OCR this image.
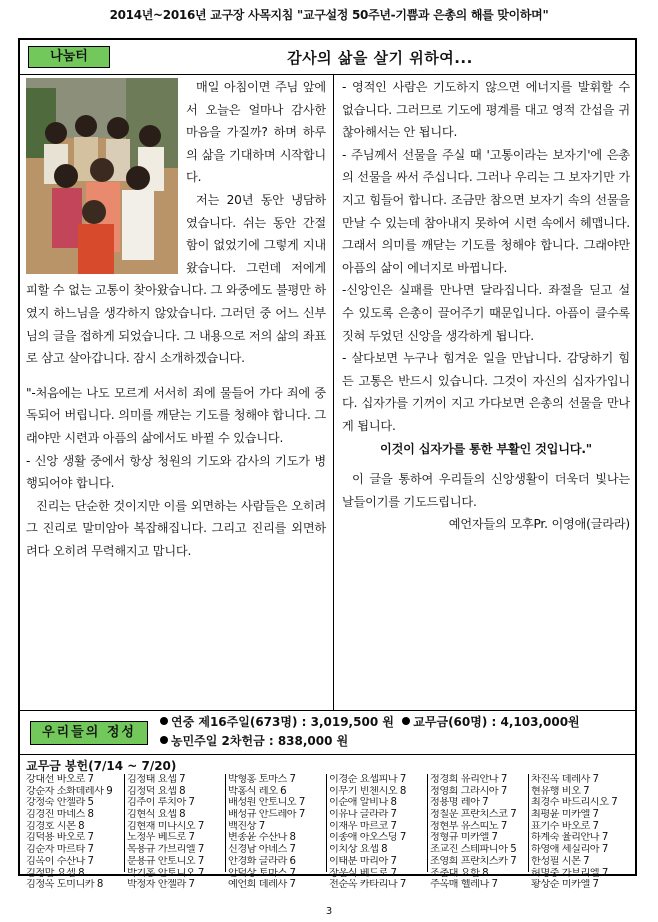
2014년~2016년 교구장 사목지침 "교구설정 50주년-기쁨과 은총의 해를 맞이하며"
나눔터	감사의 삶을 살기 위하여...

매일 아침이면 주님 앞에서 오늘은 얼마나 감사한 마음을 가질까? 하며 하루의 삶을 기대하며 시작합니다.

저는 20년 동안 냉담하였습니다. 쉬는 동안 간절함이 없었기에 그렇게 지내왔습니다. 그런데 저에게 피할 수 없는 고통이 찾아왔습니다. 그 와중에도 불평만 하였지 하느님을 생각하지 않았습니다. 그러던 중 어느 신부님의 글을 접하게 되었습니다. 그 내용으로 저의 삶의 좌표로 삼고 살아갑니다. 잠시 소개하겠습니다.

"-처음에는 나도 모르게 서서히 죄에 물들어 가다 죄에 중독되어 버립니다. 의미를 깨닫는 기도를 청해야 합니다. 그래야만 시련과 아픔의 삶에서도 바뀔 수 있습니다.

- 신앙 생활 중에서 항상 청원의 기도와 감사의 기도가 병행되어야 합니다.

진리는 단순한 것이지만 이를 외면하는 사람들은 오히려 그 진리로 말미암아 복잡해집니다. 그리고 진리를 외면하려다 오히려 무력해지고 맙니다.

- 영적인 사람은 기도하지 않으면 에너지를 발휘할 수 없습니다. 그러므로 기도에 평계를 대고 영적 간섭을 귀찮아해서는 안 됩니다.

- 주님께서 선물을 주실 때 '고통이라는 보자기'에 은총의 선물을 싸서 주십니다. 그러나 우리는 그 보자기만 가지고 힘들어 합니다. 조금만 참으면 보자기 속의 선물을 만날 수 있는데 참아내지 못하여 시련 속에서 헤맵니다. 그래서 의미를 깨닫는 기도를 청해야 합니다. 그래야만 아픔의 삶이 에너지로 바뀝니다.

-신앙인은 실패를 만나면 달라집니다. 좌절을 딛고 설 수 있도록 은총이 끌어주기 때문입니다. 아픔이 클수록 짓혀 두었던 신앙을 생각하게 됩니다.

- 살다보면 누구나 힘겨운 일을 만납니다. 감당하기 힘든 고통은 반드시 있습니다. 그것이 자신의 십자가입니다. 십자가를 기꺼이 지고 가다보면 은총의 선물을 만나게 됩니다.

이것이 십자가를 통한 부활인 것입니다."

이 글을 통하여 우리들의 신앙생활이 더욱더 빛나는 날들이기를 기도드립니다.

예언자들의 모후Pr. 이영애(글라라)

우리들의 정성
연중 제16주일(673명) : 3,019,500 원 교무금(60명) : 4,103,000원
농민주일 2차헌금 : 838,000 원
교무금 봉헌(7/14 ~ 7/20)
강대선 바오로 7
강순자 소화데레사 9
강정숙 안젤라 5
김경진 마네스 8
김경호 시몬 8
김덕용 바오로 7
김순자 마르타 7
김옥이 수산나 7
김정만 요셉 8
김정옥 도미니카 8
김정태 요셉 7
김정덕 요셉 8
김주이 루치아 7
김현식 요셉 8
김현재 미나시오 7
노정우 베드로 7
목용규 가브리엘 7
문용규 안토니오 7
박기홍 안토니오 7
박정자 안젤라 7
박형홍 토마스 7
박홍식 레오 6
배성원 안토니오 7
배성규 안드레아 7
백진상 7
변종윤 수산나 8
신경남 아녜스 7
안경화 글라라 6
안덕상 토마스 7
예언희 데레사 7
이경순 요셉피나 7
이무기 빈첸시오 8
이순애 알비나 8
이유나 글라라 7
이재우 마르코 7
이종애 아오스딩 7
이치상 요셉 8
이태분 마리아 7
장운식 베드로 7
전순옥 카타리나 7
정경희 유리안나 7
정영희 그라시아 7
정용명 레아 7
정칠운 프란치스코 7
정현부 유스띠노 7
정형규 미카엘 7
조교진 스테파니아 5
조영희 프란치스카 7
조춘대 요한 8
주옥매 헬레나 7
차진옥 데레사 7
현유행 비오 7
최경수 바드리시오 7
최평윤 미카엘 7
표기수 바오로 7
하계숙 율리안나 7
하영애 세실리아 7
한성필 시몬 7
허명중 가브리엘 7
황상순 미카엘 7
3
